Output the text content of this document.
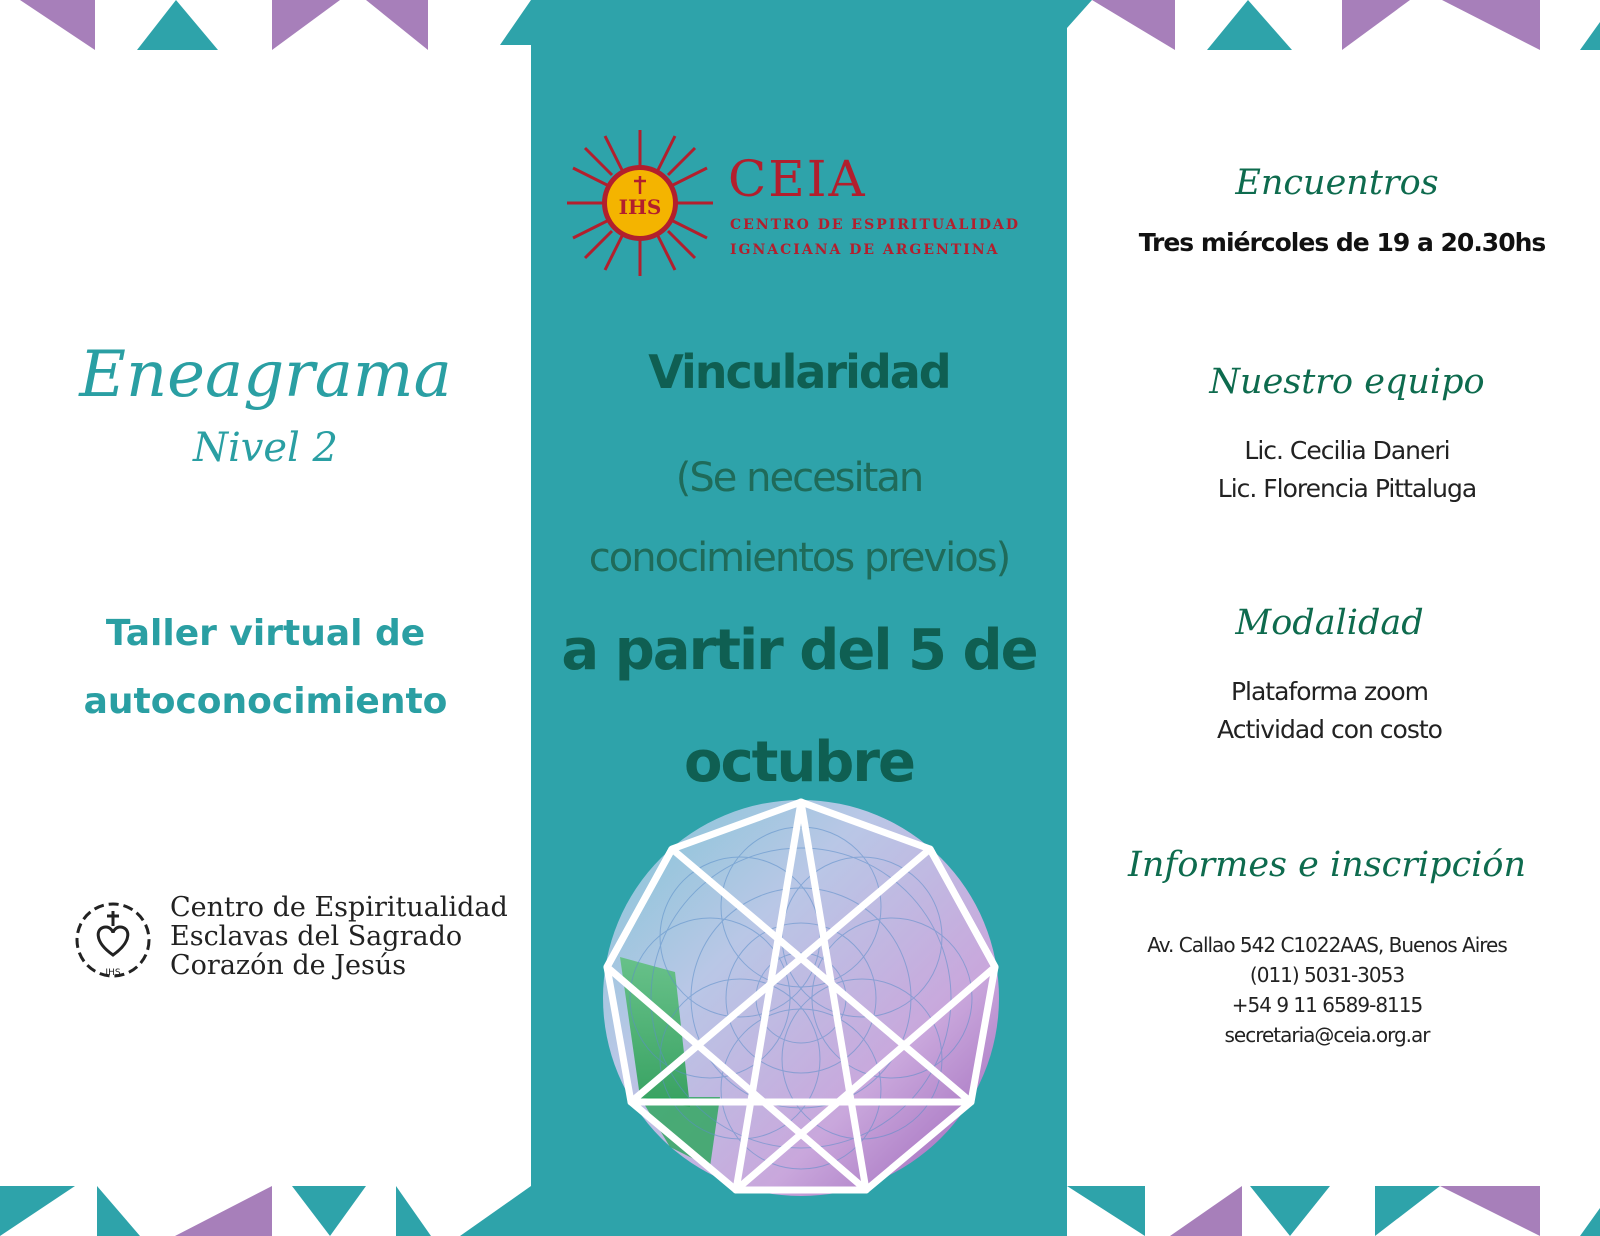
Eneagrama
Nivel 2
Taller virtual de
autoconocimiento
IHS
Centro de Espiritualidad
Esclavas del Sagrado
Corazón de Jesús
IHS CEIA
CENTRO DE ESPIRITUALIDAD
IGNACIANA DE ARGENTINA
Vincularidad
(Se necesitan
conocimientos previos)
a partir del 5 de
octubre
Encuentros
Tres miércoles de 19 a 20.30hs
Nuestro equipo
Lic. Cecilia Daneri
Lic. Florencia Pittaluga
Modalidad
Plataforma zoom
Actividad con costo
Informes e inscripción
Av. Callao 542 C1022AAS, Buenos Aires
(011) 5031-3053
+54 9 11 6589-8115
secretaria@ceia.org.ar
